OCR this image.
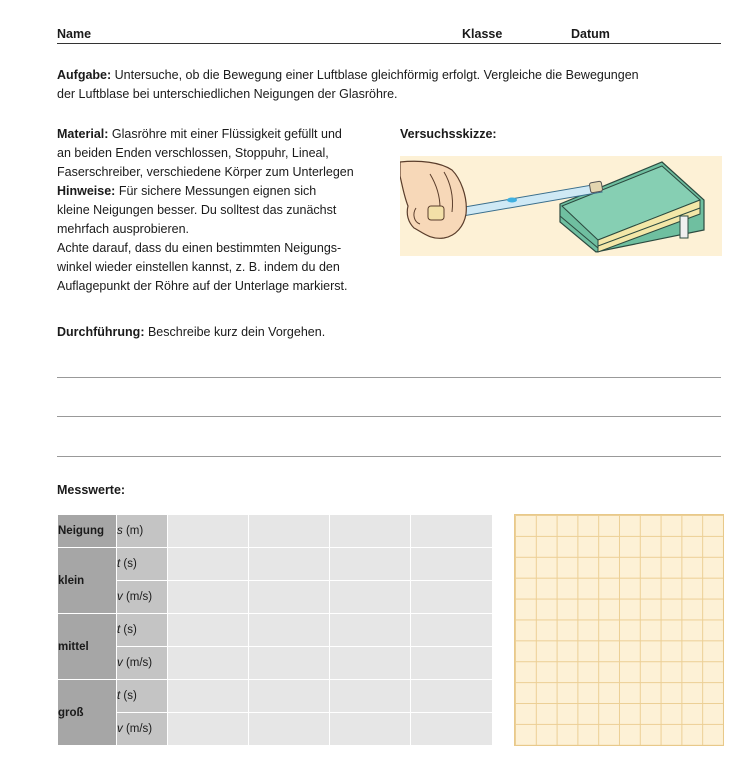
Name	Klasse	Datum

Aufgabe: Untersuche, ob die Bewegung einer Luftblase gleichförmig erfolgt. Vergleiche die Bewegungen
der Luftblase bei unterschiedlichen Neigungen der Glasröhre.

Material: Glasröhre mit einer Flüssigkeit gefüllt und
an beiden Enden verschlossen, Stoppuhr, Lineal,
Faserschreiber, verschiedene Körper zum Unterlegen
Hinweise: Für sichere Messungen eignen sich
kleine Neigungen besser. Du solltest das zunächst
mehrfach ausprobieren.
Achte darauf, dass du einen bestimmten Neigungs-
winkel wieder einstellen kannst, z. B. indem du den
Auflagepunkt der Röhre auf der Unterlage markierst.

Versuchsskizze:

Durchführung: Beschreibe kurz dein Vorgehen.

Messwerte:
Neigung	s (m)				
klein	t (s)				
	v (m/s)				
mittel	t (s)				
	v (m/s)				
groß	t (s)				
	v (m/s)				
